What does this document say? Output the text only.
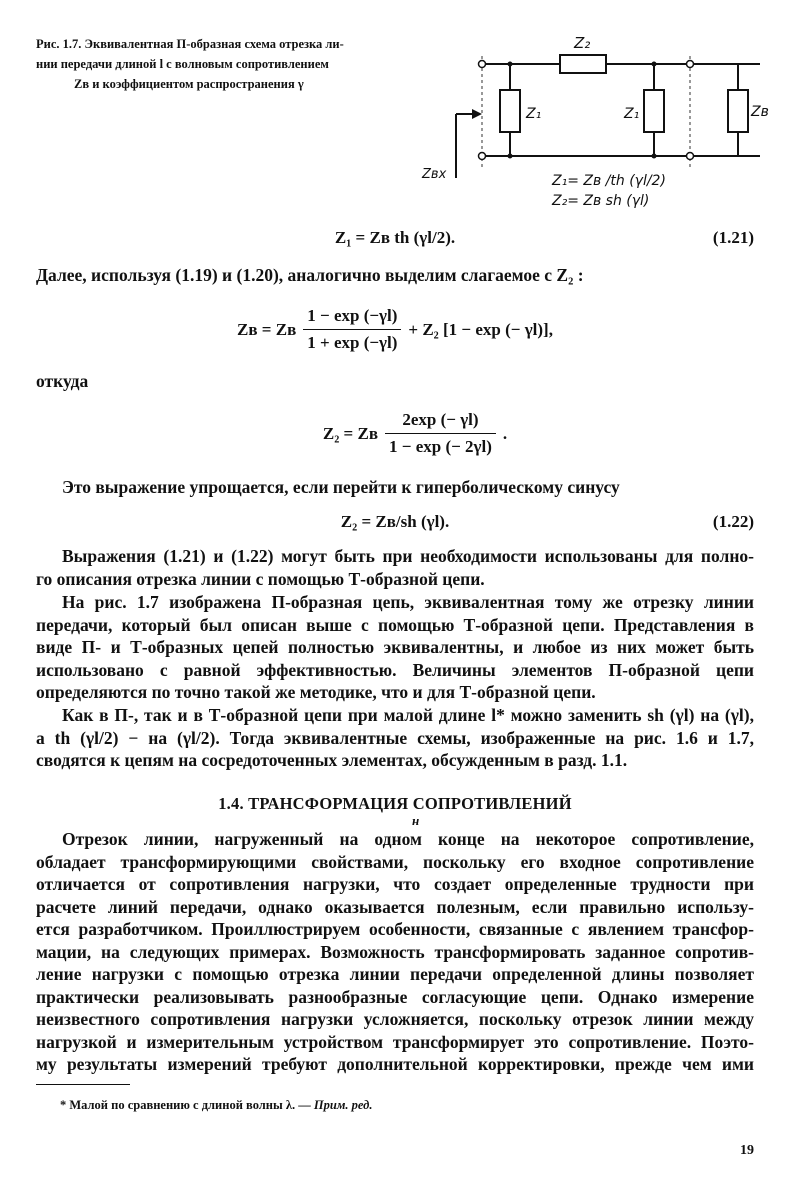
Рис. 1.7. Эквивалентная П-образная схема отрезка ли-
нии передачи длиной l с волновым сопротивлением
Zв и коэффициентом распространения γ
Z₂
Z₁	Z₁	Zв
Zвх	Z₁= Zв /th (γl/2)
Z₂= Zв sh (γl)
Z₁ = Zв th (γl/2).	(1.21)
Далее, используя (1.19) и (1.20), аналогично выделим слагаемое с Z₂ :
Zв = Zв $\frac{1 - \exp (-\gamma l)}{1 + \exp (-\gamma l)} + Z_2$ [1 − exp (− γl)],
откуда
Z₂ = Zв $\frac{2\exp (- \gamma l)}{1 - \exp (- 2\gamma l)}$ .
Это выражение упрощается, если перейти к гиперболическому синусу
Z₂ = Zв/sh (γl).	(1.22)
Выражения (1.21) и (1.22) могут быть при необходимости использованы для полно-
го описания отрезка линии с помощью Т-образной цепи.
На рис. 1.7 изображена П-образная цепь, эквивалентная тому же отрезку линии
передачи, который был описан выше с помощью Т-образной цепи. Представления в
виде П- и Т-образных цепей полностью эквивалентны, и любое из них может быть
использовано с равной эффективностью. Величины элементов П-образной цепи
определяются по точно такой же методике, что и для Т-образной цепи.
Как в П-, так и в Т-образной цепи при малой длине l* можно заменить sh (γl) на (γl),
а th (γl/2) − на (γl/2). Тогда эквивалентные схемы, изображенные на рис. 1.6 и 1.7,
сводятся к цепям на сосредоточенных элементах, обсужденным в разд. 1.1.
1.4. ТРАНСФОРМАЦИЯ СОПРОТИВЛЕНИЙ
н
Отрезок линии, нагруженный на одном конце на некоторое сопротивление,
обладает трансформирующими свойствами, поскольку его входное сопротивление
отличается от сопротивления нагрузки, что создает определенные трудности при
расчете линий передачи, однако оказывается полезным, если правильно использу-
ется разработчиком. Проиллюстрируем особенности, связанные с явлением трансфор-
мации, на следующих примерах. Возможность трансформировать заданное сопротив-
ление нагрузки с помощью отрезка линии передачи определенной длины позволяет
практически реализовывать разнообразные согласующие цепи. Однако измерение
неизвестного сопротивления нагрузки усложняется, поскольку отрезок линии между
нагрузкой и измерительным устройством трансформирует это сопротивление. Поэто-
му результаты измерений требуют дополнительной корректировки, прежде чем ими
* Малой по сравнению с длиной волны λ. — Прим. ред.
19
